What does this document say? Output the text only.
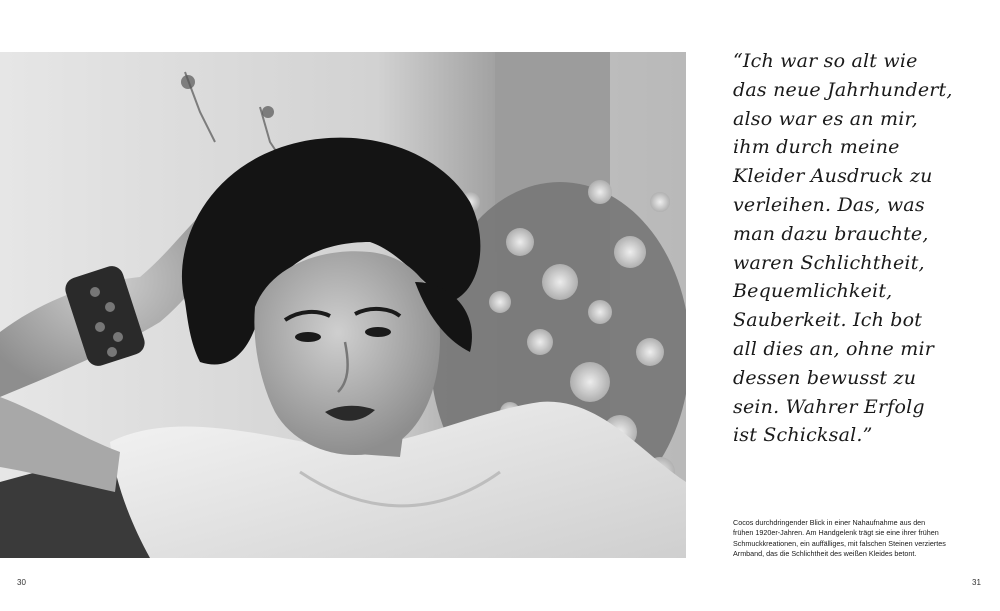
“Ich war so alt wie
das neue Jahrhundert,
also war es an mir,
ihm durch meine
Kleider Ausdruck zu
verleihen. Das, was
man dazu brauchte,
waren Schlichtheit,
Bequemlichkeit,
Sauberkeit. Ich bot
all dies an, ohne mir
dessen bewusst zu
sein. Wahrer Erfolg
ist Schicksal.”

Cocos durchdringender Blick in einer Nahaufnahme aus den
frühen 1920er-Jahren. Am Handgelenk trägt sie eine ihrer frühen
Schmuckkreationen, ein auffälliges, mit falschen Steinen verziertes
Armband, das die Schlichtheit des weißen Kleides betont.

30	31
